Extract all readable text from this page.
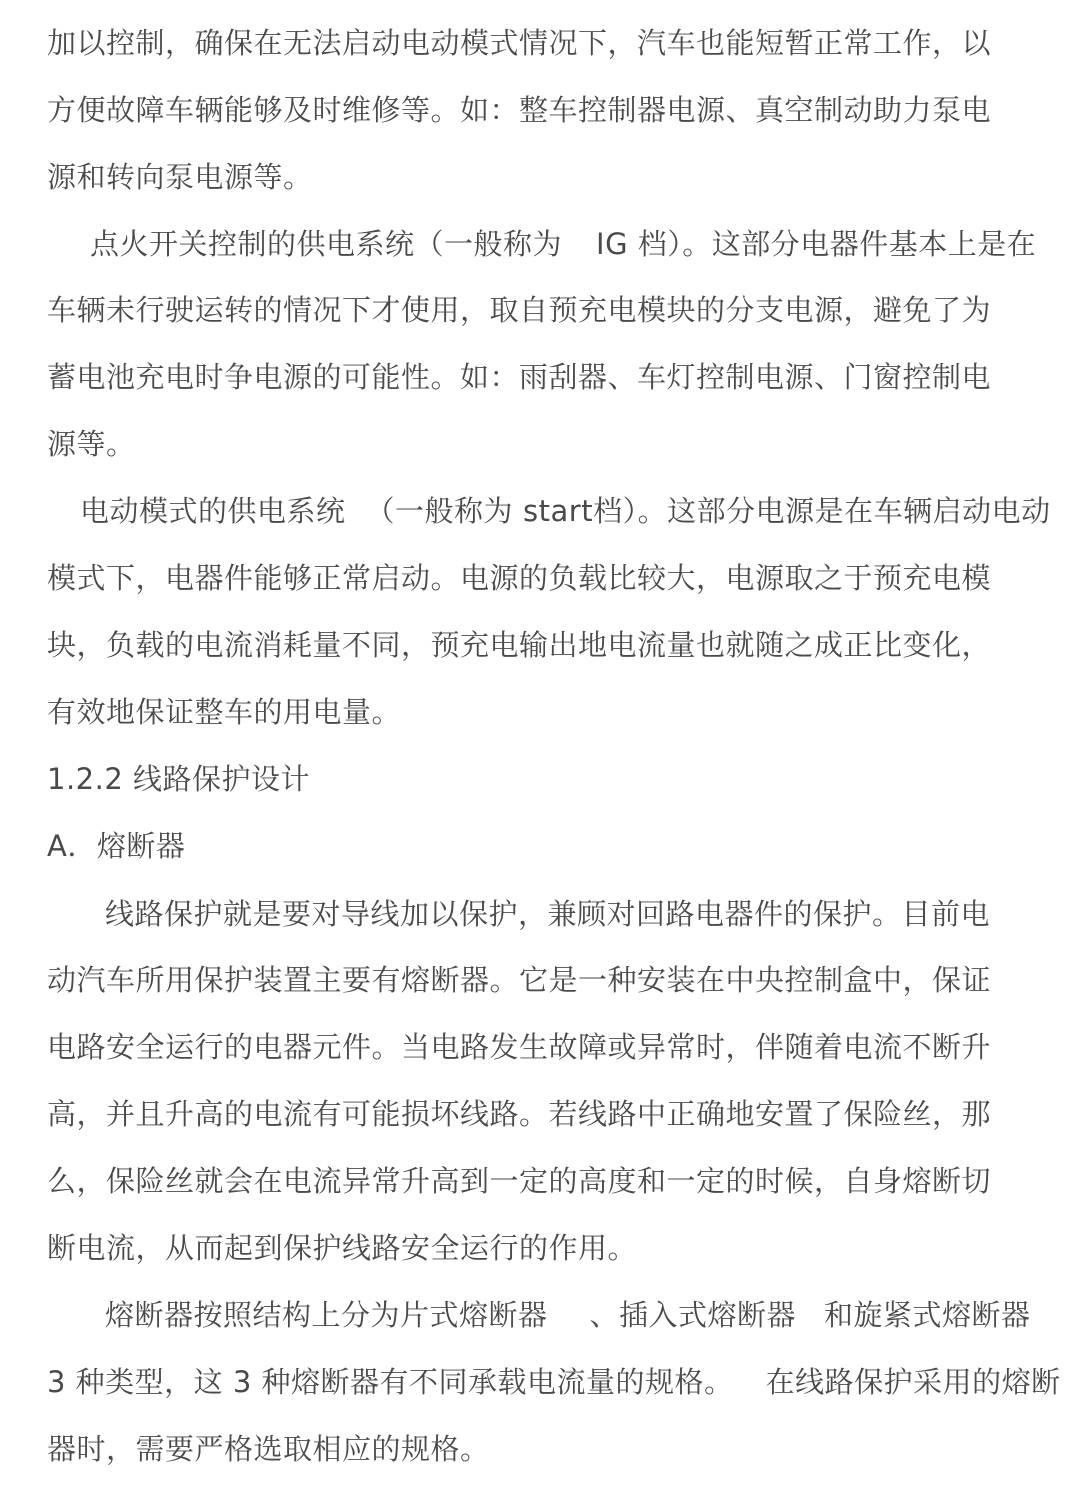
加以控制，确保在无法启动电动模式情况下，汽车也能短暂正常工作，以
方便故障车辆能够及时维修等。如：整车控制器电源、真空制动助力泵电
源和转向泵电源等。
点火开关控制的供电系统（一般称为 IG 档）。这部分电器件基本上是在
车辆未行驶运转的情况下才使用，取自预充电模块的分支电源，避免了为
蓄电池充电时争电源的可能性。如：雨刮器、车灯控制电源、门窗控制电
源等。
电动模式的供电系统 （一般称为 start档）。这部分电源是在车辆启动电动
模式下，电器件能够正常启动。电源的负载比较大，电源取之于预充电模
块，负载的电流消耗量不同，预充电输出地电流量也就随之成正比变化，
有效地保证整车的用电量。
1.2.2 线路保护设计
A．熔断器
线路保护就是要对导线加以保护，兼顾对回路电器件的保护。目前电
动汽车所用保护装置主要有熔断器。它是一种安装在中央控制盒中，保证
电路安全运行的电器元件。当电路发生故障或异常时，伴随着电流不断升
高，并且升高的电流有可能损坏线路。若线路中正确地安置了保险丝，那
么，保险丝就会在电流异常升高到一定的高度和一定的时候，自身熔断切
断电流，从而起到保护线路安全运行的作用。
熔断器按照结构上分为片式熔断器 、插入式熔断器 和旋紧式熔断器
3 种类型，这 3 种熔断器有不同承载电流量的规格。 在线路保护采用的熔断
器时，需要严格选取相应的规格。
